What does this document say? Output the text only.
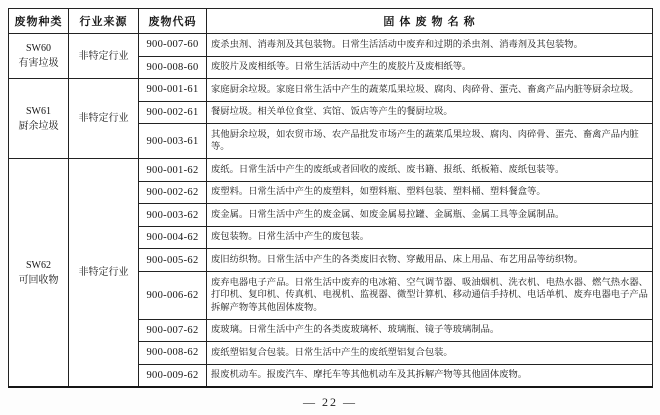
废物种类	行业来源	废物代码	固 体 废 物 名 称

SW60
有害垃圾	非特定行业	900-007-60	废杀虫剂、消毒剂及其包装物。日常生活活动中废弃和过期的杀虫剂、消毒剂及其包装物。
		900-008-60	废胶片及废相纸等。日常生活活动中产生的废胶片及废相纸等。

SW61
厨余垃圾	非特定行业	900-001-61	家庭厨余垃圾。家庭日常生活中产生的蔬菜瓜果垃圾、腐肉、肉碎骨、蛋壳、畜禽产品内脏等厨余垃圾。
		900-002-61	餐厨垃圾。相关单位食堂、宾馆、饭店等产生的餐厨垃圾。
		900-003-61	其他厨余垃圾，如农贸市场、农产品批发市场产生的蔬菜瓜果垃圾、腐肉、肉碎骨、蛋壳、畜禽产品内脏等。

SW62
可回收物	非特定行业	900-001-62	废纸。日常生活中产生的废纸或者回收的废纸、废书籍、报纸、纸板箱、废纸包装等。
		900-002-62	废塑料。日常生活中产生的废塑料，如塑料瓶、塑料包装、塑料桶、塑料餐盒等。
		900-003-62	废金属。日常生活中产生的废金属、如废金属易拉罐、金属瓶、金属工具等金属制品。
		900-004-62	废包装物。日常生活中产生的废包装。
		900-005-62	废旧纺织物。日常生活中产生的各类废旧衣物、穿戴用品、床上用品、布艺用品等纺织物。
		900-006-62	废弃电器电子产品。日常生活中废弃的电冰箱、空气调节器、吸油烟机、洗衣机、电热水器、燃气热水器、打印机、复印机、传真机、电视机、监视器、微型计算机、移动通信手持机、电话单机、废弃电器电子产品拆解产物等其他固体废物。
		900-007-62	废玻璃。日常生活中产生的各类废玻璃杯、玻璃瓶、镜子等玻璃制品。
		900-008-62	废纸塑铝复合包装。日常生活中产生的废纸塑铝复合包装。
		900-009-62	报废机动车。报废汽车、摩托车等其他机动车及其拆解产物等其他固体废物。
— 22 —
